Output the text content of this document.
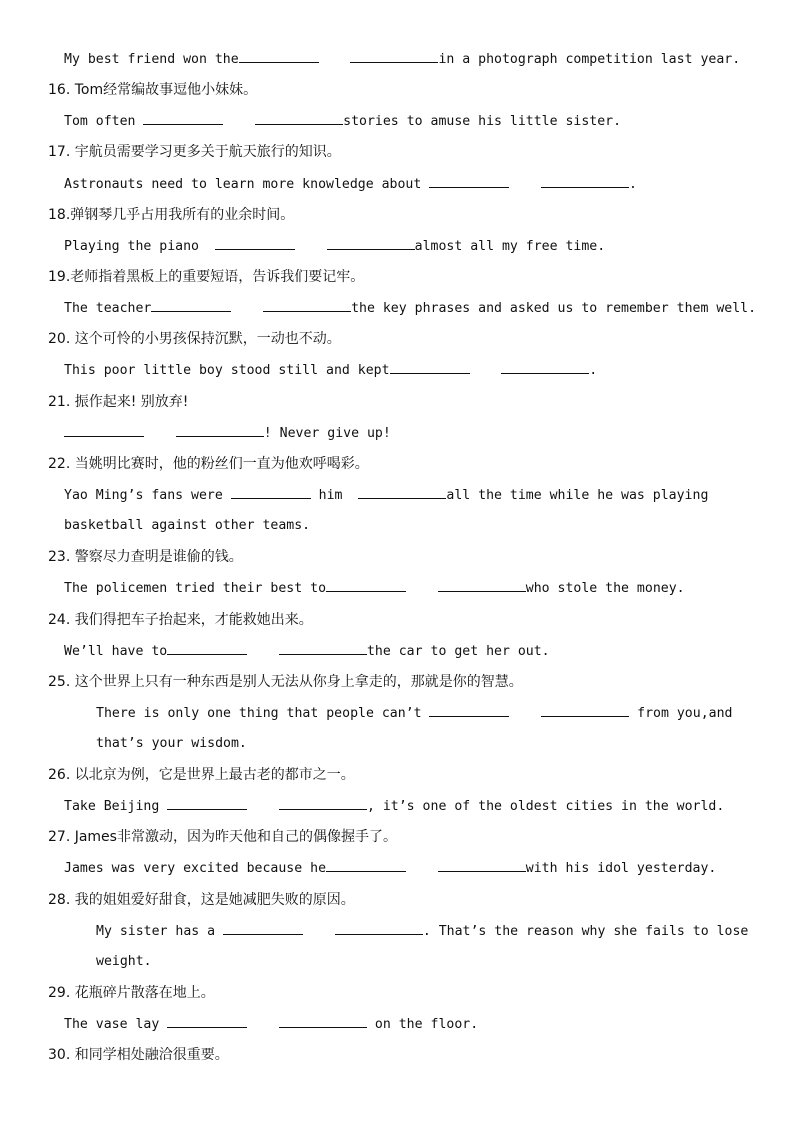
My best friend won the	in a photograph competition last year.
16. Tom经常编故事逗他小妹妹。
Tom often	stories to amuse his little sister.
17. 宇航员需要学习更多关于航天旅行的知识。
Astronauts need to learn more knowledge about	.
18.弹钢琴几乎占用我所有的业余时间。
Playing the piano	almost all my free time.
19.老师指着黑板上的重要短语，告诉我们要记牢。
The teacher	the key phrases and asked us to remember them well.
20. 这个可怜的小男孩保持沉默，一动也不动。
This poor little boy stood still and kept	.
21. 振作起来! 别放弃!
! Never give up!
22. 当姚明比赛时，他的粉丝们一直为他欢呼喝彩。
Yao Ming’s fans were	him	all the time while he was playing
basketball against other teams.
23. 警察尽力查明是谁偷的钱。
The policemen tried their best to	who stole the money.
24. 我们得把车子抬起来，才能救她出来。
We’ll have to	the car to get her out.
25. 这个世界上只有一种东西是别人无法从你身上拿走的，那就是你的智慧。
There is only one thing that people can’t	from you,and
that’s your wisdom.
26. 以北京为例，它是世界上最古老的都市之一。
Take Beijing	, it’s one of the oldest cities in the world.
27. James非常激动，因为昨天他和自己的偶像握手了。
James was very excited because he	with his idol yesterday.
28. 我的姐姐爱好甜食，这是她减肥失败的原因。
My sister has a	. That’s the reason why she fails to lose
weight.
29. 花瓶碎片散落在地上。
The vase lay	on the floor.
30. 和同学相处融洽很重要。
